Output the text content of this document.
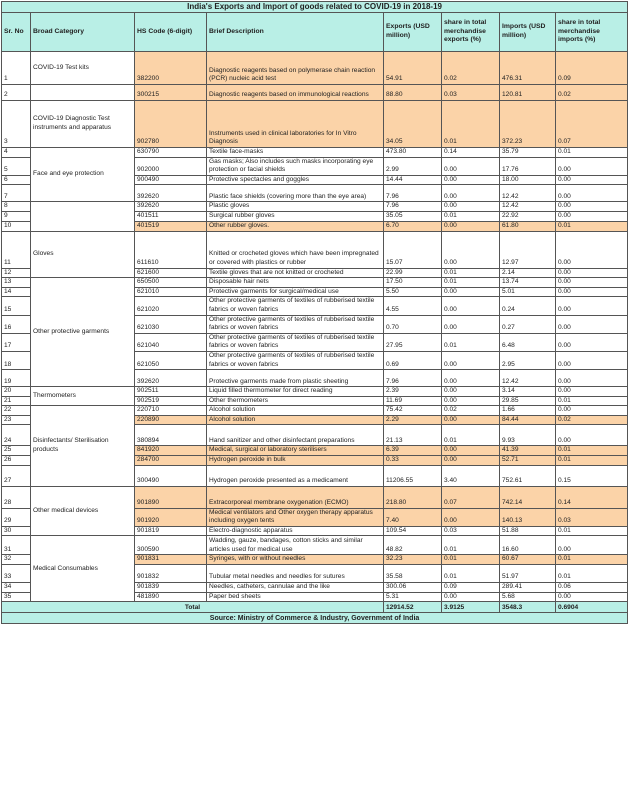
India's Exports and Import of goods related to COVID-19 in 2018-19							
Sr. No	Broad Category	HS Code (6-digit)	Brief Description	Exports (USD million)	share in total merchandise exports (%)	Imports (USD million)	share in total merchandise imports (%)
1	COVID-19 Test kits	382200	Diagnostic reagents based on polymerase chain reaction (PCR) nucleic acid test	54.91	0.02	476.31	0.09
2		300215	Diagnostic reagents based on immunological reactions	88.80	0.03	120.81	0.02
3	COVID-19 Diagnostic Test instruments and apparatus	902780	Instruments used in clinical laboratories for In Vitro Diagnosis	34.05	0.01	372.23	0.07
4	Face and eye protection	630790	Textile face-masks	473.80	0.14	35.79	0.01
5		902000	Gas masks; Also includes such masks incorporating eye protection or facial shields	2.99	0.00	17.76	0.00
6		900490	Protective spectacles and goggles	14.44	0.00	18.00	0.00
7		392620	Plastic face shields (covering more than the eye area)	7.96	0.00	12.42	0.00
8		392620	Plastic gloves	7.96	0.00	12.42	0.00
9		401511	Surgical rubber gloves	35.05	0.01	22.92	0.00
10		401519	Other rubber gloves.	6.70	0.00	61.80	0.01
11	Gloves	611610	Knitted or crocheted gloves which have been impregnated or covered with plastics or rubber	15.07	0.00	12.97	0.00
12		621600	Textile gloves that are not knitted or crocheted	22.99	0.01	2.14	0.00
13	Other protective garments	650500	Disposable hair nets	17.50	0.01	13.74	0.00
14		621010	Protective garments for surgical/medical use	5.50	0.00	5.01	0.00
15		621020	Other protective garments of textiles of rubberised textile fabrics or woven fabrics	4.55	0.00	0.24	0.00
16		621030	Other protective garments of textiles of rubberised textile fabrics or woven fabrics	0.70	0.00	0.27	0.00
17		621040	Other protective garments of textiles of rubberised textile fabrics or woven fabrics	27.95	0.01	6.48	0.00
18		621050	Other protective garments of textiles of rubberised textile fabrics or woven fabrics	0.69	0.00	2.95	0.00
19		392620	Protective garments made from plastic sheeting	7.96	0.00	12.42	0.00
20	Thermometers	902511	Liquid filled thermometer for direct reading	2.39	0.00	3.14	0.00
21		902519	Other thermometers	11.69	0.00	29.85	0.01
22	Disinfectants/ Sterilisation products	220710	Alcohol solution	75.42	0.02	1.66	0.00
23		220890	Alcohol solution	2.29	0.00	84.44	0.02
24		380894	Hand sanitizer and other disinfectant preparations	21.13	0.01	9.93	0.00
25		841920	Medical, surgical or laboratory sterilisers	6.39	0.00	41.39	0.01
26		284700	Hydrogen peroxide in bulk	0.33	0.00	52.71	0.01
27		300490	Hydrogen peroxide presented as a medicament	11206.55	3.40	752.61	0.15
28	Other medical devices	901890	Extracorporeal membrane oxygenation (ECMO)	218.80	0.07	742.14	0.14
29		901920	Medical ventilators and Other oxygen therapy apparatus including oxygen tents	7.40	0.00	140.13	0.03
30		901819	Electro-diagnostic apparatus	109.54	0.03	51.88	0.01
31	Medical Consumables	300590	Wadding, gauze, bandages, cotton sticks and similar articles used for medical use	48.82	0.01	16.60	0.00
32		901831	Syringes, with or without needles	32.23	0.01	60.67	0.01
33		901832	Tubular metal needles and needles for sutures	35.58	0.01	51.97	0.01
34		901839	Needles, catheters, cannulae and the like	300.06	0.09	289.41	0.06
35		481890	Paper bed sheets	5.31	0.00	5.68	0.00
Total				12914.52	3.9125	3548.3	0.6904
Source: Ministry of Commerce & Industry, Government of India							
